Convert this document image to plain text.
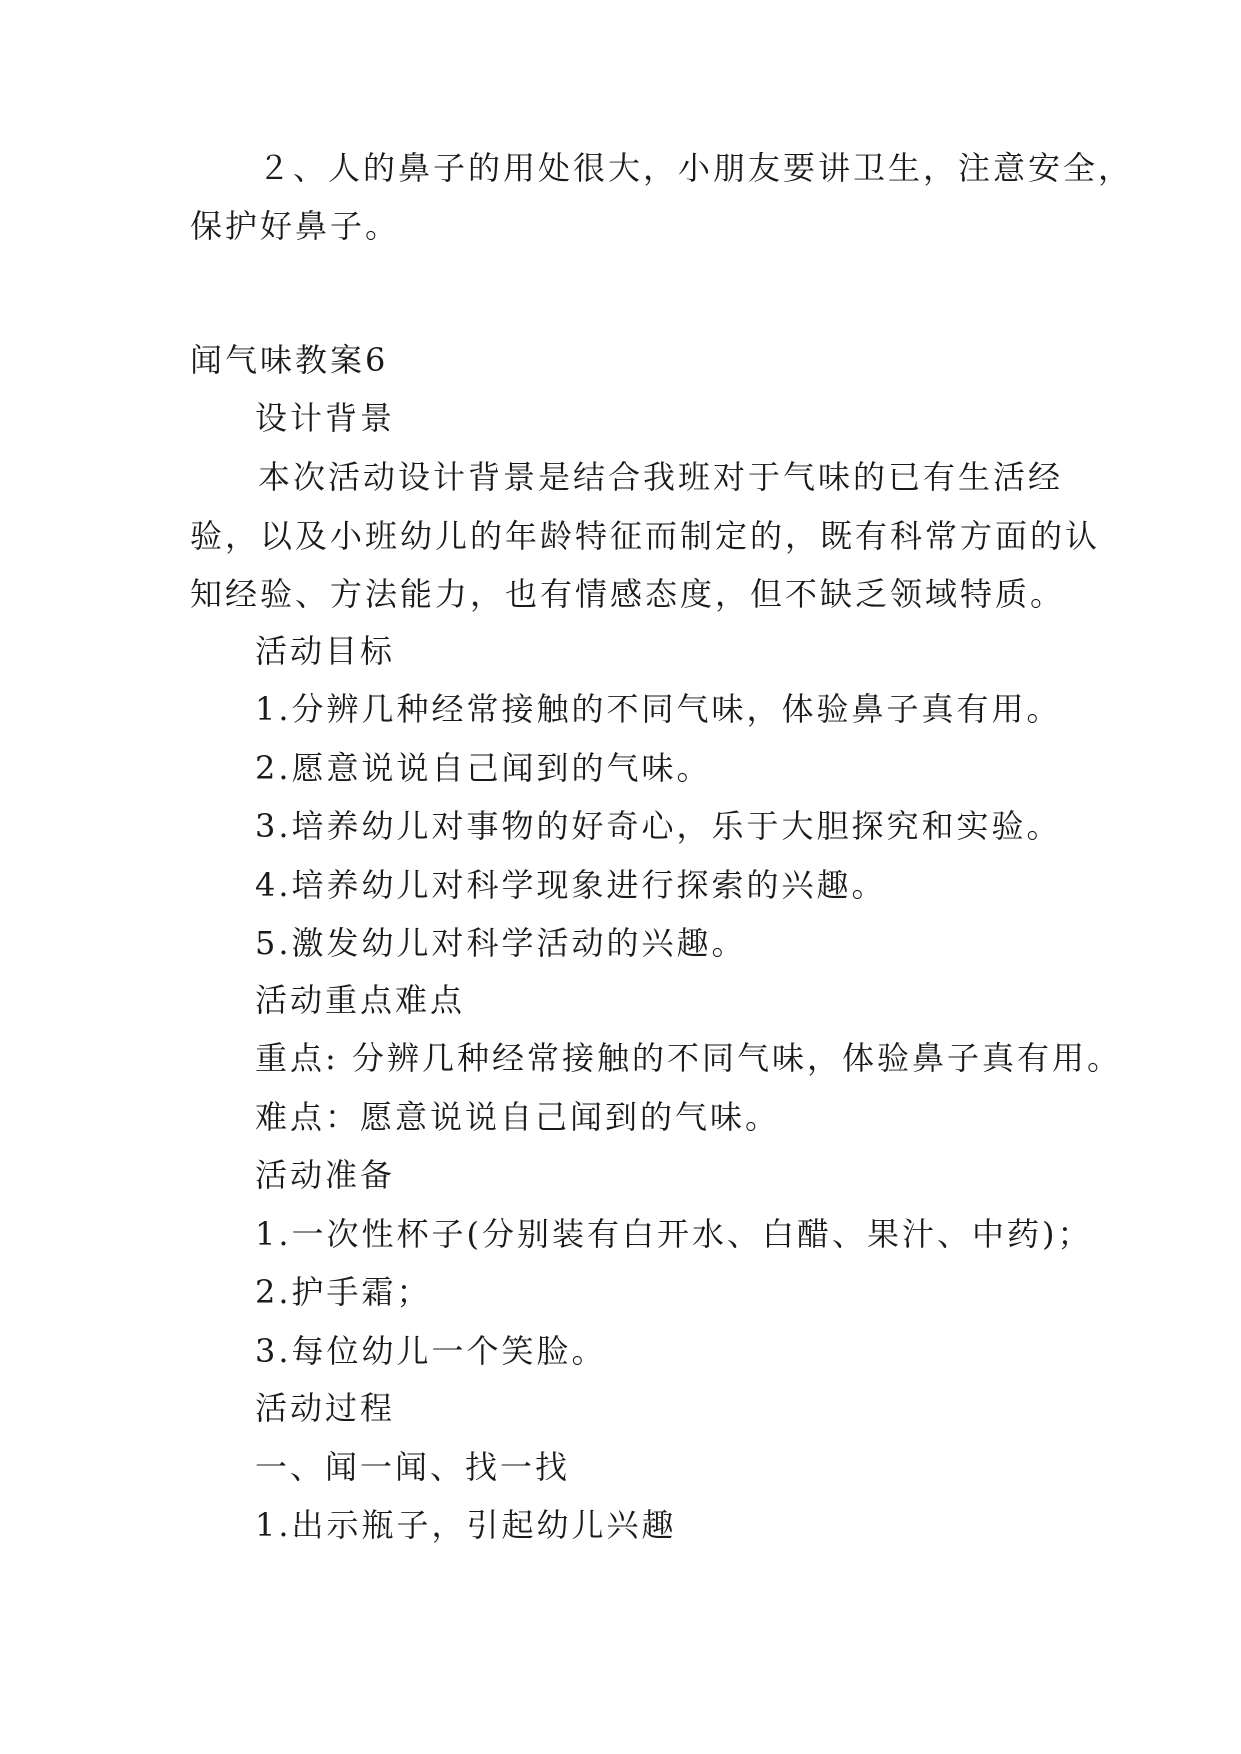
２、人的鼻子的用处很大，小朋友要讲卫生，注意安全，
保护好鼻子。
闻气味教案6
设计背景
本次活动设计背景是结合我班对于气味的已有生活经
验，以及小班幼儿的年龄特征而制定的，既有科常方面的认
知经验、方法能力，也有情感态度，但不缺乏领域特质。
活动目标
1.分辨几种经常接触的不同气味，体验鼻子真有用。
2.愿意说说自己闻到的气味。
3.培养幼儿对事物的好奇心，乐于大胆探究和实验。
4.培养幼儿对科学现象进行探索的兴趣。
5.激发幼儿对科学活动的兴趣。
活动重点难点
重点: 分辨几种经常接触的不同气味，体验鼻子真有用。
难点：愿意说说自己闻到的气味。
活动准备
1.一次性杯子(分别装有白开水、白醋、果汁、中药)；
2.护手霜；
3.每位幼儿一个笑脸。
活动过程
一、闻一闻、找一找
1.出示瓶子，引起幼儿兴趣
